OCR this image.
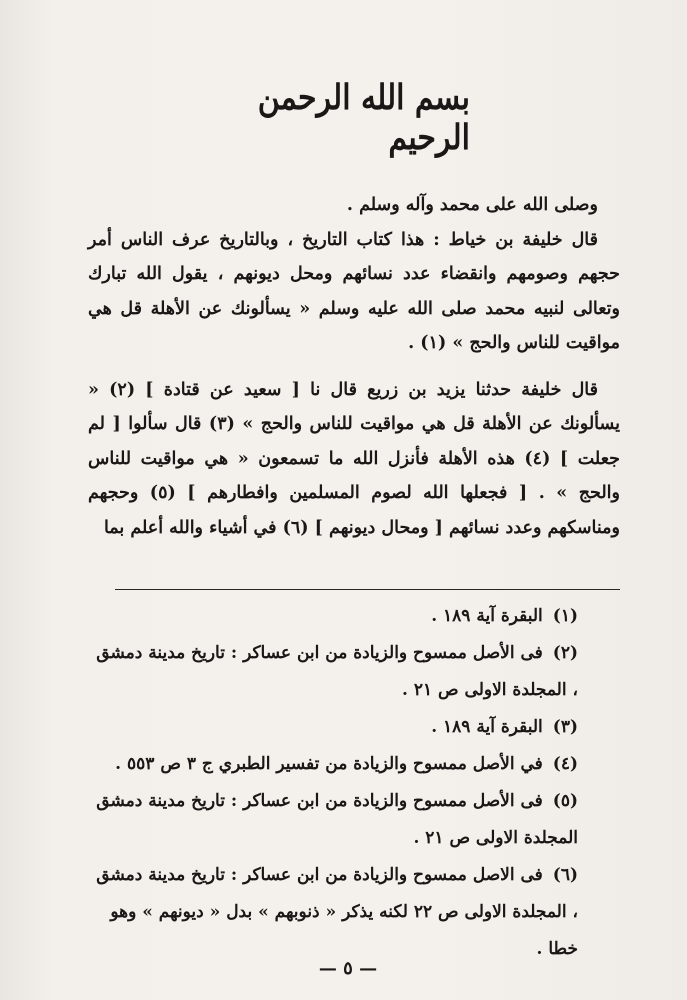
بسم الله الرحمن الرحيم

وصلى الله على محمد وآله وسلم .

قال خليفة بن خياط : هذا كتاب التاريخ ، وبالتاريخ عرف الناس أمر حجهم وصومهم وانقضاء عدد نسائهم ومحل ديونهم ، يقول الله تبارك وتعالى لنبيه محمد صلى الله عليه وسلم « يسألونك عن الأهلة قل هي مواقيت للناس والحج » (١) .

قال خليفة حدثنا يزيد بن زريع قال نا [ سعيد عن قتادة ] (٢) « يسألونك عن الأهلة قل هي مواقيت للناس والحج » (٣) قال سألوا [ لم جعلت ] (٤) هذه الأهلة فأنزل الله ما تسمعون « هي مواقيت للناس والحج » . [ فجعلها الله لصوم المسلمين وافطارهم ] (٥) وحجهم ومناسكهم وعدد نسائهم [ ومحال ديونهم ] (٦) في أشياء والله أعلم بما

(١)البقرة آية ١٨٩ .

(٢)فى الأصل ممسوح والزيادة من ابن عساكر : تاريخ مدينة دمشق ، المجلدة الاولى ص ٢١ .

(٣)البقرة آية ١٨٩ .

(٤)في الأصل ممسوح والزيادة من تفسير الطبري ج ٣ ص ٥٥٣ .

(٥)فى الأصل ممسوح والزيادة من ابن عساكر : تاريخ مدينة دمشق المجلدة الاولى ص ٢١ .

(٦)فى الاصل ممسوح والزيادة من ابن عساكر : تاريخ مدينة دمشق ، المجلدة الاولى ص ٢٢ لكنه يذكر « ذنوبهم » بدل « ديونهم » وهو خطا .

— ٥ —
